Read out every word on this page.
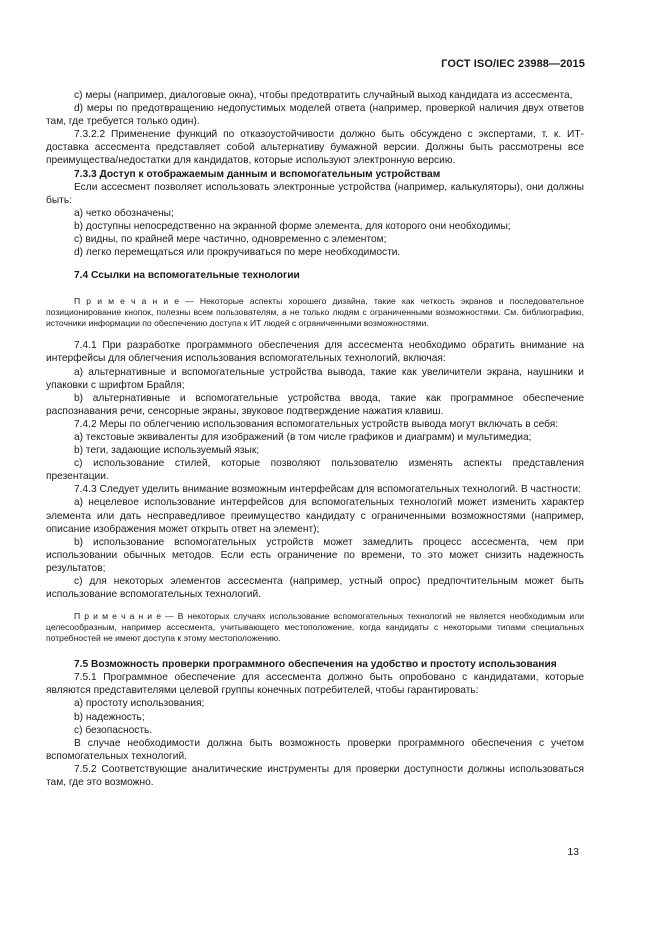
ГОСТ ISO/IEC 23988—2015

c) меры (например, диалоговые окна), чтобы предотвратить случайный выход кандидата из ассесмента,

d) меры по предотвращению недопустимых моделей ответа (например, проверкой наличия двух ответов там, где требуется только один).

7.3.2.2 Применение функций по отказоустойчивости должно быть обсуждено с экспертами, т. к. ИТ-доставка ассесмента представляет собой альтернативу бумажной версии. Должны быть рассмотрены все преимущества/недостатки для кандидатов, которые используют электронную версию.

7.3.3 Доступ к отображаемым данным и вспомогательным устройствам

Если ассесмент позволяет использовать электронные устройства (например, калькуляторы), они должны быть:

a) четко обозначены;

b) доступны непосредственно на экранной форме элемента, для которого они необходимы;

c) видны, по крайней мере частично, одновременно с элементом;

d) легко перемещаться или прокручиваться по мере необходимости.

7.4 Ссылки на вспомогательные технологии

П р и м е ч а н и е — Некоторые аспекты хорошего дизайна, такие как четкость экранов и последовательное позиционирование кнопок, полезны всем пользователям, а не только людям с ограниченными возможностями. См. библиографию, источники информации по обеспечению доступа к ИТ людей с ограниченными возможностями.

7.4.1 При разработке программного обеспечения для ассесмента необходимо обратить внимание на интерфейсы для облегчения использования вспомогательных технологий, включая:

a) альтернативные и вспомогательные устройства вывода, такие как увеличители экрана, наушники и упаковки с шрифтом Брайля;

b) альтернативные и вспомогательные устройства ввода, такие как программное обеспечение распознавания речи, сенсорные экраны, звуковое подтверждение нажатия клавиш.

7.4.2 Меры по облегчению использования вспомогательных устройств вывода могут включать в себя:

a) текстовые эквиваленты для изображений (в том числе графиков и диаграмм) и мультимедиа;

b) теги, задающие используемый язык;

c) использование стилей, которые позволяют пользователю изменять аспекты представления презентации.

7.4.3 Следует уделить внимание возможным интерфейсам для вспомогательных технологий. В частности:

a) нецелевое использование интерфейсов для вспомогательных технологий может изменить характер элемента или дать несправедливое преимущество кандидату с ограниченными возможностями (например, описание изображения может открыть ответ на элемент);

b) использование вспомогательных устройств может замедлить процесс ассесмента, чем при использовании обычных методов. Если есть ограничение по времени, то это может снизить надежность результатов;

c) для некоторых элементов ассесмента (например, устный опрос) предпочтительным может быть использование вспомогательных технологий.

П р и м е ч а н и е — В некоторых случаях использование вспомогательных технологий не является необходимым или целесообразным, например ассесмента, учитывающего местоположение, когда кандидаты с некоторыми типами специальных потребностей не имеют доступа к этому местоположению.

7.5 Возможность проверки программного обеспечения на удобство и простоту использования

7.5.1 Программное обеспечение для ассесмента должно быть опробовано с кандидатами, которые являются представителями целевой группы конечных потребителей, чтобы гарантировать:

a) простоту использования;

b) надежность;

c) безопасность.

В случае необходимости должна быть возможность проверки программного обеспечения с учетом вспомогательных технологий.

7.5.2 Соответствующие аналитические инструменты для проверки доступности должны использоваться там, где это возможно.

13
